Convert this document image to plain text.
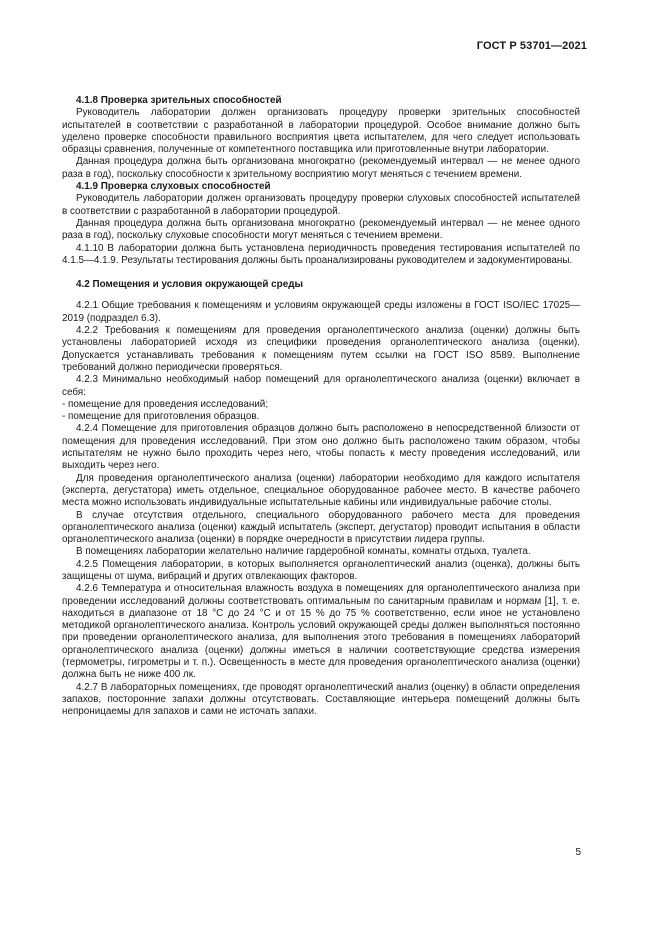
ГОСТ Р 53701—2021

4.1.8 Проверка зрительных способностей

Руководитель лаборатории должен организовать процедуру проверки зрительных способностей испытателей в соответствии с разработанной в лаборатории процедурой. Особое внимание должно быть уделено проверке способности правильного восприятия цвета испытателем, для чего следует использовать образцы сравнения, полученные от компетентного поставщика или приготовленные внутри лаборатории.

Данная процедура должна быть организована многократно (рекомендуемый интервал — не менее одного раза в год), поскольку способности к зрительному восприятию могут меняться с течением времени.

4.1.9 Проверка слуховых способностей

Руководитель лаборатории должен организовать процедуру проверки слуховых способностей испытателей в соответствии с разработанной в лаборатории процедурой.

Данная процедура должна быть организована многократно (рекомендуемый интервал — не менее одного раза в год), поскольку слуховые способности могут меняться с течением времени.

4.1.10 В лаборатории должна быть установлена периодичность проведения тестирования испытателей по 4.1.5—4.1.9. Результаты тестирования должны быть проанализированы руководителем и задокументированы.

4.2 Помещения и условия окружающей среды

4.2.1 Общие требования к помещениям и условиям окружающей среды изложены в ГОСТ ISO/IEC 17025—2019 (подраздел 6.3).

4.2.2 Требования к помещениям для проведения органолептического анализа (оценки) должны быть установлены лабораторией исходя из специфики проведения органолептического анализа (оценки). Допускается устанавливать требования к помещениям путем ссылки на ГОСТ ISO 8589. Выполнение требований должно периодически проверяться.

4.2.3 Минимально необходимый набор помещений для органолептического анализа (оценки) включает в себя:

- помещение для проведения исследований;

- помещение для приготовления образцов.

4.2.4 Помещение для приготовления образцов должно быть расположено в непосредственной близости от помещения для проведения исследований. При этом оно должно быть расположено таким образом, чтобы испытателям не нужно было проходить через него, чтобы попасть к месту проведения исследований, или выходить через него.

Для проведения органолептического анализа (оценки) лаборатории необходимо для каждого испытателя (эксперта, дегустатора) иметь отдельное, специальное оборудованное рабочее место. В качестве рабочего места можно использовать индивидуальные испытательные кабины или индивидуальные рабочие столы.

В случае отсутствия отдельного, специального оборудованного рабочего места для проведения органолептического анализа (оценки) каждый испытатель (эксперт, дегустатор) проводит испытания в области органолептического анализа (оценки) в порядке очередности в присутствии лидера группы.

В помещениях лаборатории желательно наличие гардеробной комнаты, комнаты отдыха, туалета.

4.2.5 Помещения лаборатории, в которых выполняется органолептический анализ (оценка), должны быть защищены от шума, вибраций и других отвлекающих факторов.

4.2.6 Температура и относительная влажность воздуха в помещениях для органолептического анализа при проведении исследований должны соответствовать оптимальным по санитарным правилам и нормам [1], т. е. находиться в диапазоне от 18 °С до 24 °С и от 15 % до 75 % соответственно, если иное не установлено методикой органолептического анализа. Контроль условий окружающей среды должен выполняться постоянно при проведении органолептического анализа, для выполнения этого требования в помещениях лабораторий органолептического анализа (оценки) должны иметься в наличии соответствующие средства измерения (термометры, гигрометры и т. п.). Освещенность в месте для проведения органолептического анализа (оценки) должна быть не ниже 400 лк.

4.2.7 В лабораторных помещениях, где проводят органолептический анализ (оценку) в области определения запахов, посторонние запахи должны отсутствовать. Составляющие интерьера помещений должны быть непроницаемы для запахов и сами не источать запахи.

5
